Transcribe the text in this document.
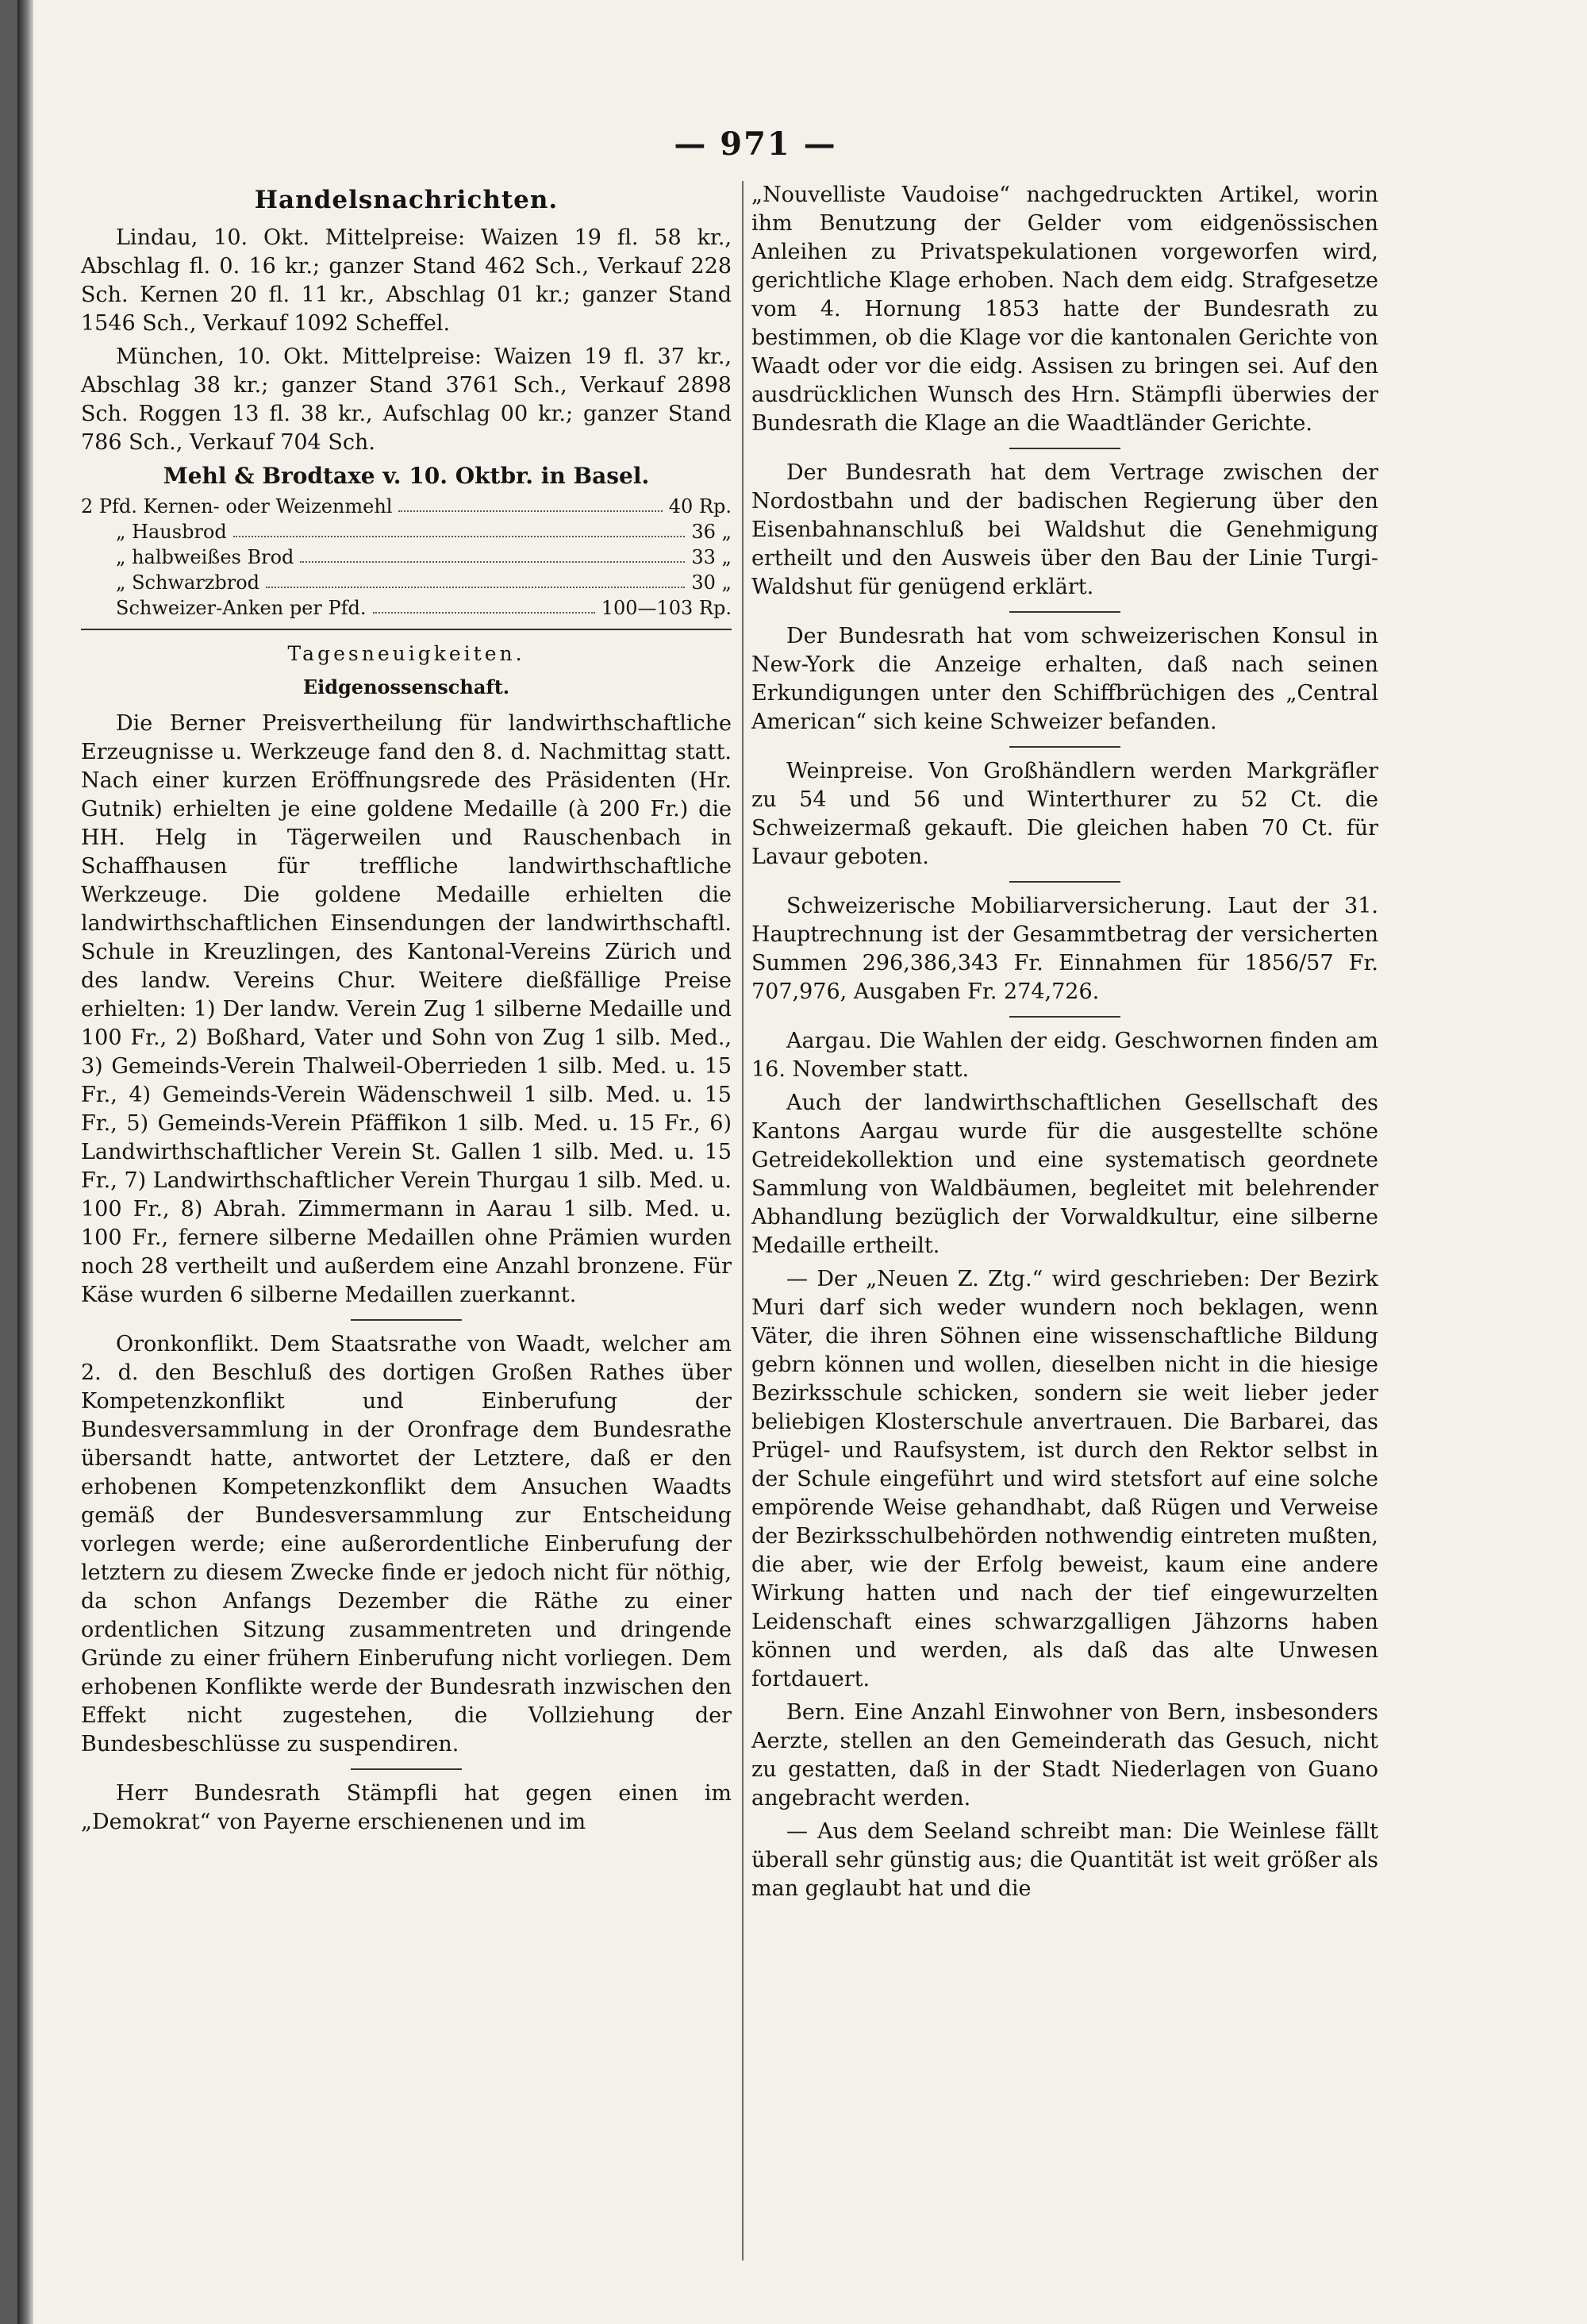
— 971 —
Handelsnachrichten.

Lindau, 10. Okt. Mittelpreise: Waizen 19 fl. 58 kr., Abschlag fl. 0. 16 kr.; ganzer Stand 462 Sch., Verkauf 228 Sch. Kernen 20 fl. 11 kr., Abschlag 01 kr.; ganzer Stand 1546 Sch., Verkauf 1092 Scheffel.

München, 10. Okt. Mittelpreise: Waizen 19 fl. 37 kr., Abschlag 38 kr.; ganzer Stand 3761 Sch., Verkauf 2898 Sch. Roggen 13 fl. 38 kr., Aufschlag 00 kr.; ganzer Stand 786 Sch., Verkauf 704 Sch.

Mehl & Brodtaxe v. 10. Oktbr. in Basel.
2 Pfd. Kernen- oder Weizenmehl	40 Rp.
„ Hausbrod	36 „
„ halbweißes Brod	33 „
„ Schwarzbrod	30 „
Schweizer-Anken per Pfd.	100—103 Rp.
Tagesneuigkeiten.
Eidgenossenschaft.

Die Berner Preisvertheilung für landwirthschaftliche Erzeugnisse u. Werkzeuge fand den 8. d. Nachmittag statt. Nach einer kurzen Eröffnungsrede des Präsidenten (Hr. Gutnik) erhielten je eine goldene Medaille (à 200 Fr.) die HH. Helg in Tägerweilen und Rauschenbach in Schaffhausen für treffliche landwirthschaftliche Werkzeuge. Die goldene Medaille erhielten die landwirthschaftlichen Einsendungen der landwirthschaftl. Schule in Kreuzlingen, des Kantonal-Vereins Zürich und des landw. Vereins Chur. Weitere dießfällige Preise erhielten: 1) Der landw. Verein Zug 1 silberne Medaille und 100 Fr., 2) Boßhard, Vater und Sohn von Zug 1 silb. Med., 3) Gemeinds-Verein Thalweil-Oberrieden 1 silb. Med. u. 15 Fr., 4) Gemeinds-Verein Wädenschweil 1 silb. Med. u. 15 Fr., 5) Gemeinds-Verein Pfäffikon 1 silb. Med. u. 15 Fr., 6) Landwirthschaftlicher Verein St. Gallen 1 silb. Med. u. 15 Fr., 7) Landwirthschaftlicher Verein Thurgau 1 silb. Med. u. 100 Fr., 8) Abrah. Zimmermann in Aarau 1 silb. Med. u. 100 Fr., fernere silberne Medaillen ohne Prämien wurden noch 28 vertheilt und außerdem eine Anzahl bronzene. Für Käse wurden 6 silberne Medaillen zuerkannt.

Oronkonflikt. Dem Staatsrathe von Waadt, welcher am 2. d. den Beschluß des dortigen Großen Rathes über Kompetenzkonflikt und Einberufung der Bundesversammlung in der Oronfrage dem Bundesrathe übersandt hatte, antwortet der Letztere, daß er den erhobenen Kompetenzkonflikt dem Ansuchen Waadts gemäß der Bundesversammlung zur Entscheidung vorlegen werde; eine außerordentliche Einberufung der letztern zu diesem Zwecke finde er jedoch nicht für nöthig, da schon Anfangs Dezember die Räthe zu einer ordentlichen Sitzung zusammentreten und dringende Gründe zu einer frühern Einberufung nicht vorliegen. Dem erhobenen Konflikte werde der Bundesrath inzwischen den Effekt nicht zugestehen, die Vollziehung der Bundesbeschlüsse zu suspendiren.

Herr Bundesrath Stämpfli hat gegen einen im „Demokrat“ von Payerne erschienenen und im

„Nouvelliste Vaudoise“ nachgedruckten Artikel, worin ihm Benutzung der Gelder vom eidgenössischen Anleihen zu Privatspekulationen vorgeworfen wird, gerichtliche Klage erhoben. Nach dem eidg. Strafgesetze vom 4. Hornung 1853 hatte der Bundesrath zu bestimmen, ob die Klage vor die kantonalen Gerichte von Waadt oder vor die eidg. Assisen zu bringen sei. Auf den ausdrücklichen Wunsch des Hrn. Stämpfli überwies der Bundesrath die Klage an die Waadtländer Gerichte.

Der Bundesrath hat dem Vertrage zwischen der Nordostbahn und der badischen Regierung über den Eisenbahnanschluß bei Waldshut die Genehmigung ertheilt und den Ausweis über den Bau der Linie Turgi-Waldshut für genügend erklärt.

Der Bundesrath hat vom schweizerischen Konsul in New-York die Anzeige erhalten, daß nach seinen Erkundigungen unter den Schiffbrüchigen des „Central American“ sich keine Schweizer befanden.

Weinpreise. Von Großhändlern werden Markgräfler zu 54 und 56 und Winterthurer zu 52 Ct. die Schweizermaß gekauft. Die gleichen haben 70 Ct. für Lavaur geboten.

Schweizerische Mobiliarversicherung. Laut der 31. Hauptrechnung ist der Gesammtbetrag der versicherten Summen 296,386,343 Fr. Einnahmen für 1856/57 Fr. 707,976, Ausgaben Fr. 274,726.

Aargau. Die Wahlen der eidg. Geschwornen finden am 16. November statt.

Auch der landwirthschaftlichen Gesellschaft des Kantons Aargau wurde für die ausgestellte schöne Getreidekollektion und eine systematisch geordnete Sammlung von Waldbäumen, begleitet mit belehrender Abhandlung bezüglich der Vorwaldkultur, eine silberne Medaille ertheilt.

— Der „Neuen Z. Ztg.“ wird geschrieben: Der Bezirk Muri darf sich weder wundern noch beklagen, wenn Väter, die ihren Söhnen eine wissenschaftliche Bildung gebrn können und wollen, dieselben nicht in die hiesige Bezirksschule schicken, sondern sie weit lieber jeder beliebigen Klosterschule anvertrauen. Die Barbarei, das Prügel- und Raufsystem, ist durch den Rektor selbst in der Schule eingeführt und wird stetsfort auf eine solche empörende Weise gehandhabt, daß Rügen und Verweise der Bezirksschulbehörden nothwendig eintreten mußten, die aber, wie der Erfolg beweist, kaum eine andere Wirkung hatten und nach der tief eingewurzelten Leidenschaft eines schwarzgalligen Jähzorns haben können und werden, als daß das alte Unwesen fortdauert.

Bern. Eine Anzahl Einwohner von Bern, insbesonders Aerzte, stellen an den Gemeinderath das Gesuch, nicht zu gestatten, daß in der Stadt Niederlagen von Guano angebracht werden.

— Aus dem Seeland schreibt man: Die Weinlese fällt überall sehr günstig aus; die Quantität ist weit größer als man geglaubt hat und die
